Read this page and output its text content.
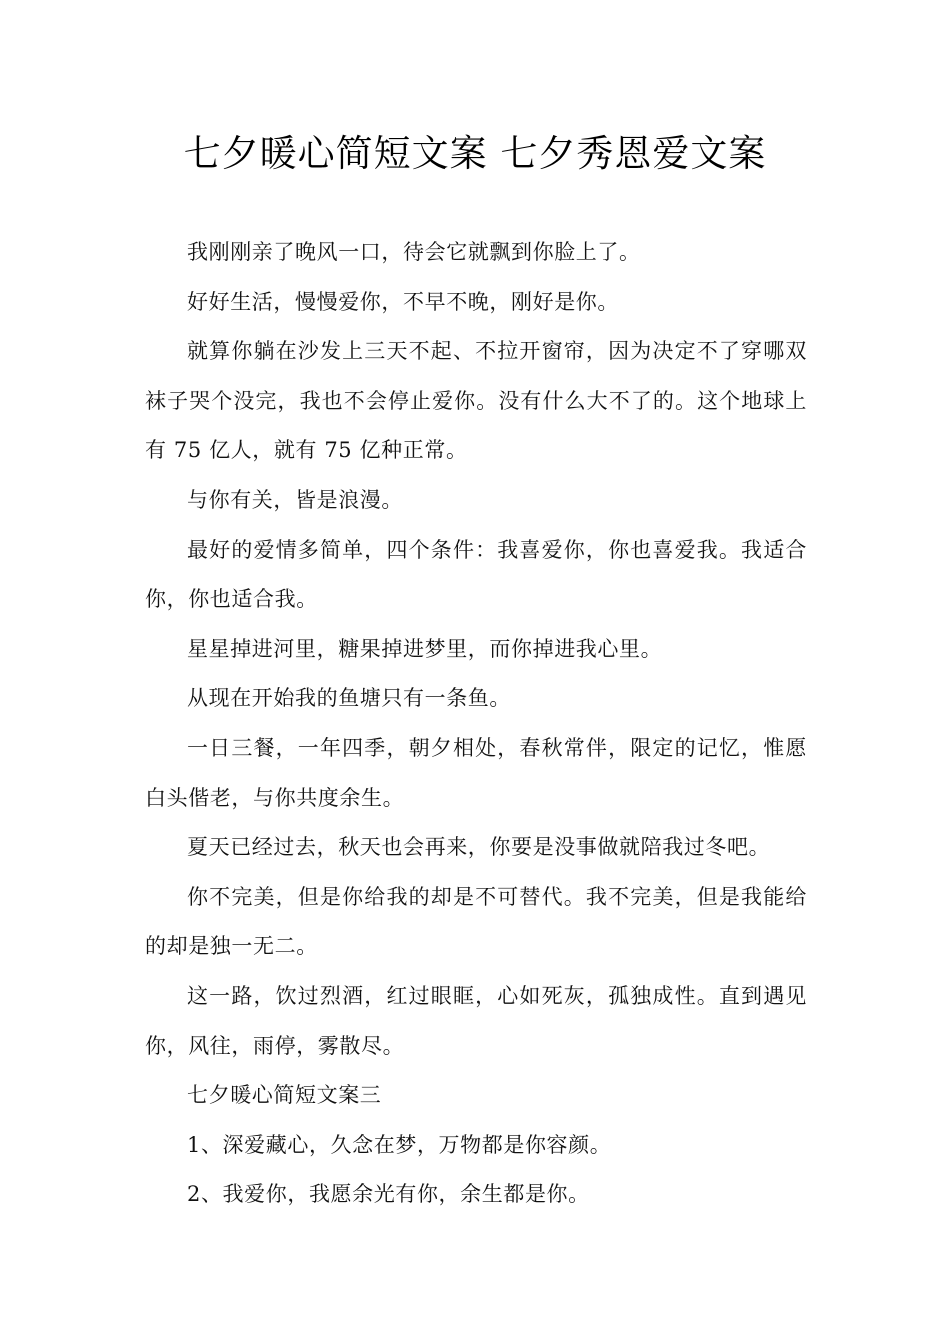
七夕暖心简短文案 七夕秀恩爱文案

我刚刚亲了晚风一口，待会它就飘到你脸上了。

好好生活，慢慢爱你，不早不晚，刚好是你。

就算你躺在沙发上三天不起、不拉开窗帘，因为决定不了穿哪双袜子哭个没完，我也不会停止爱你。没有什么大不了的。这个地球上有 75 亿人，就有 75 亿种正常。

与你有关，皆是浪漫。

最好的爱情多简单，四个条件：我喜爱你，你也喜爱我。我适合你，你也适合我。

星星掉进河里，糖果掉进梦里，而你掉进我心里。

从现在开始我的鱼塘只有一条鱼。

一日三餐，一年四季，朝夕相处，春秋常伴，限定的记忆，惟愿白头偕老，与你共度余生。

夏天已经过去，秋天也会再来，你要是没事做就陪我过冬吧。

你不完美，但是你给我的却是不可替代。我不完美，但是我能给的却是独一无二。

这一路，饮过烈酒，红过眼眶，心如死灰，孤独成性。直到遇见你，风往，雨停，雾散尽。

七夕暖心简短文案三

1、深爱藏心，久念在梦，万物都是你容颜。

2、我爱你，我愿余光有你，余生都是你。
